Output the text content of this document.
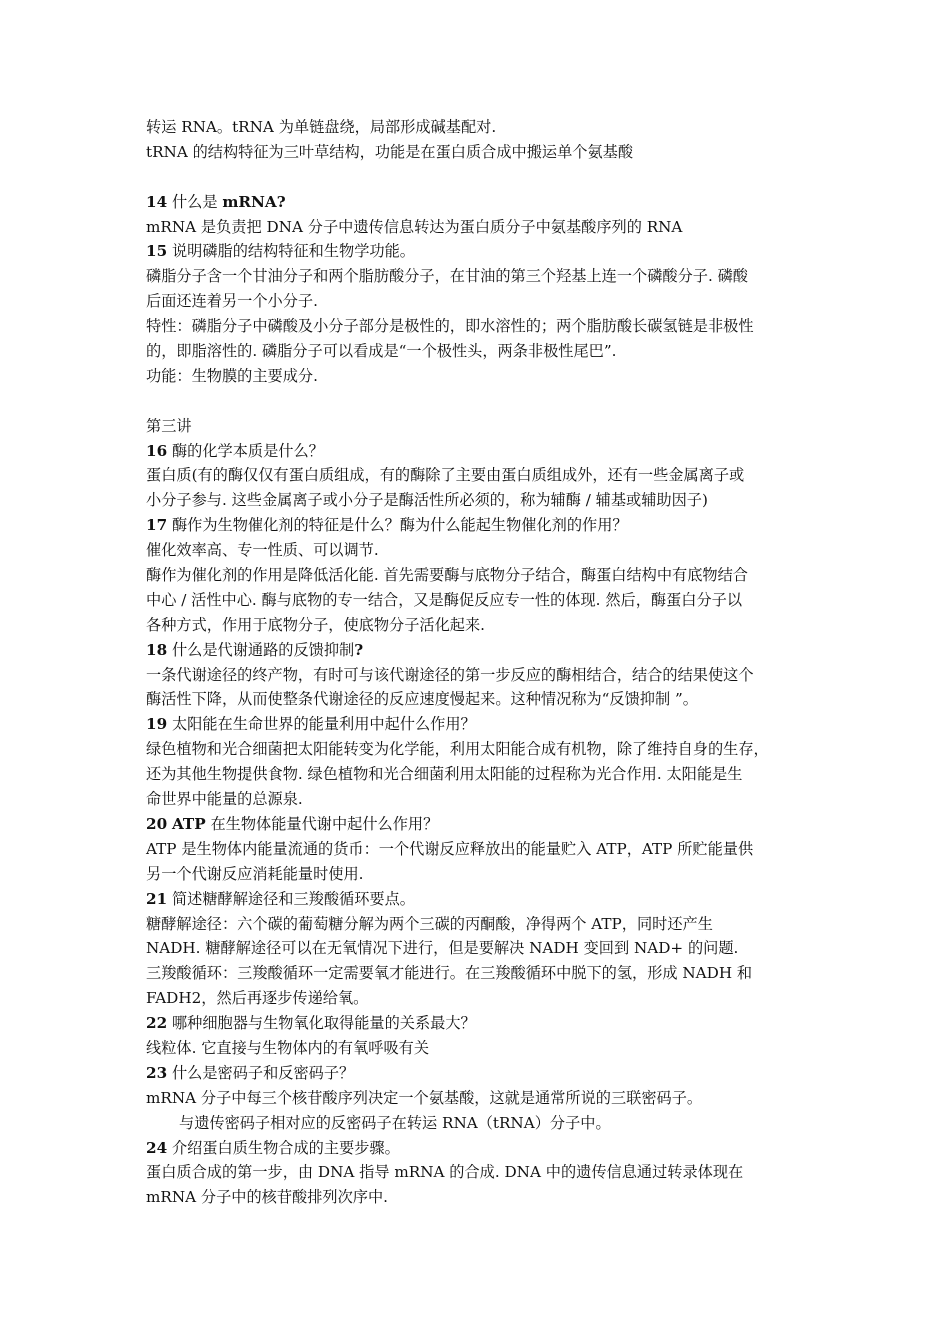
转运 RNA。tRNA 为单链盘绕，局部形成碱基配对.
tRNA 的结构特征为三叶草结构，功能是在蛋白质合成中搬运单个氨基酸
14 什么是 mRNA?
mRNA 是负责把 DNA 分子中遗传信息转达为蛋白质分子中氨基酸序列的 RNA
15 说明磷脂的结构特征和生物学功能。
磷脂分子含一个甘油分子和两个脂肪酸分子，在甘油的第三个羟基上连一个磷酸分子. 磷酸
后面还连着另一个小分子.
特性：磷脂分子中磷酸及小分子部分是极性的，即水溶性的；两个脂肪酸长碳氢链是非极性
的，即脂溶性的. 磷脂分子可以看成是“一个极性头，两条非极性尾巴”.
功能：生物膜的主要成分.
第三讲
16 酶的化学本质是什么？
蛋白质(有的酶仅仅有蛋白质组成，有的酶除了主要由蛋白质组成外，还有一些金属离子或
小分子参与. 这些金属离子或小分子是酶活性所必须的，称为辅酶 / 辅基或辅助因子)
17 酶作为生物催化剂的特征是什么？酶为什么能起生物催化剂的作用？
催化效率高、专一性质、可以调节.
酶作为催化剂的作用是降低活化能. 首先需要酶与底物分子结合，酶蛋白结构中有底物结合
中心 / 活性中心. 酶与底物的专一结合，又是酶促反应专一性的体现. 然后，酶蛋白分子以
各种方式，作用于底物分子，使底物分子活化起来.
18 什么是代谢通路的反馈抑制?
一条代谢途径的终产物，有时可与该代谢途径的第一步反应的酶相结合，结合的结果使这个
酶活性下降，从而使整条代谢途径的反应速度慢起来。这种情况称为“反馈抑制 ”。
19 太阳能在生命世界的能量利用中起什么作用？
绿色植物和光合细菌把太阳能转变为化学能，利用太阳能合成有机物，除了维持自身的生存，
还为其他生物提供食物. 绿色植物和光合细菌利用太阳能的过程称为光合作用. 太阳能是生
命世界中能量的总源泉.
20 ATP 在生物体能量代谢中起什么作用？
ATP 是生物体内能量流通的货币：一个代谢反应释放出的能量贮入 ATP，ATP 所贮能量供
另一个代谢反应消耗能量时使用.
21 简述糖酵解途径和三羧酸循环要点。
糖酵解途径：六个碳的葡萄糖分解为两个三碳的丙酮酸，净得两个 ATP，同时还产生
NADH. 糖酵解途径可以在无氧情况下进行，但是要解决 NADH 变回到 NAD+ 的问题.
三羧酸循环：三羧酸循环一定需要氧才能进行。在三羧酸循环中脱下的氢，形成 NADH 和
FADH2，然后再逐步传递给氧。
22 哪种细胞器与生物氧化取得能量的关系最大？
线粒体. 它直接与生物体内的有氧呼吸有关
23 什么是密码子和反密码子？
mRNA 分子中每三个核苷酸序列决定一个氨基酸，这就是通常所说的三联密码子。
与遗传密码子相对应的反密码子在转运 RNA（tRNA）分子中。
24 介绍蛋白质生物合成的主要步骤。
蛋白质合成的第一步，由 DNA 指导 mRNA 的合成. DNA 中的遗传信息通过转录体现在
mRNA 分子中的核苷酸排列次序中.
